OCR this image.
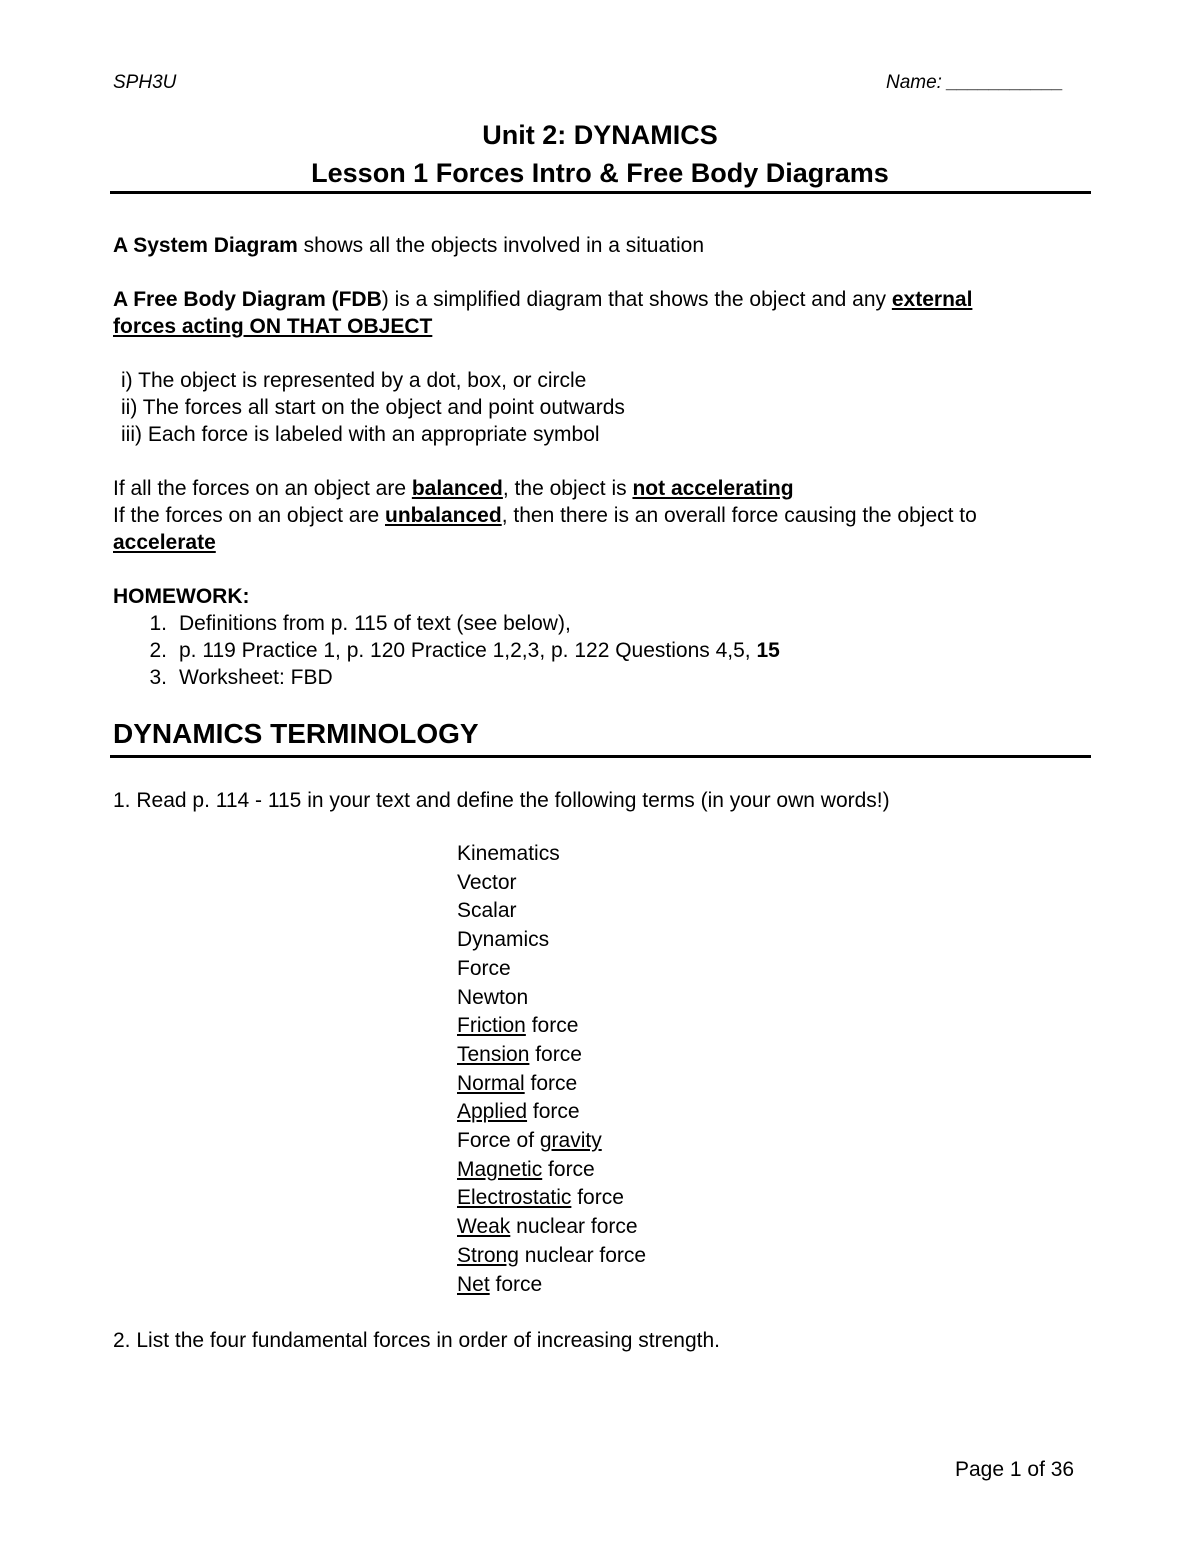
SPH3U	Name: ___________
Unit 2: DYNAMICS
Lesson 1 Forces Intro & Free Body Diagrams
A System Diagram shows all the objects involved in a situation
A Free Body Diagram (FDB) is a simplified diagram that shows the object and any external
forces acting ON THAT OBJECT
i) The object is represented by a dot, box, or circle
ii) The forces all start on the object and point outwards
iii) Each force is labeled with an appropriate symbol
If all the forces on an object are balanced, the object is not accelerating
If the forces on an object are unbalanced, then there is an overall force causing the object to
accelerate
HOMEWORK:
1. Definitions from p. 115 of text (see below),
2. p. 119 Practice 1, p. 120 Practice 1,2,3, p. 122 Questions 4,5, 15
3. Worksheet: FBD
DYNAMICS TERMINOLOGY
1. Read p. 114 - 115 in your text and define the following terms (in your own words!)
Kinematics
Vector
Scalar
Dynamics
Force
Newton
Friction force
Tension force
Normal force
Applied force
Force of gravity
Magnetic force
Electrostatic force
Weak nuclear force
Strong nuclear force
Net force
2. List the four fundamental forces in order of increasing strength.
Page 1 of 36
